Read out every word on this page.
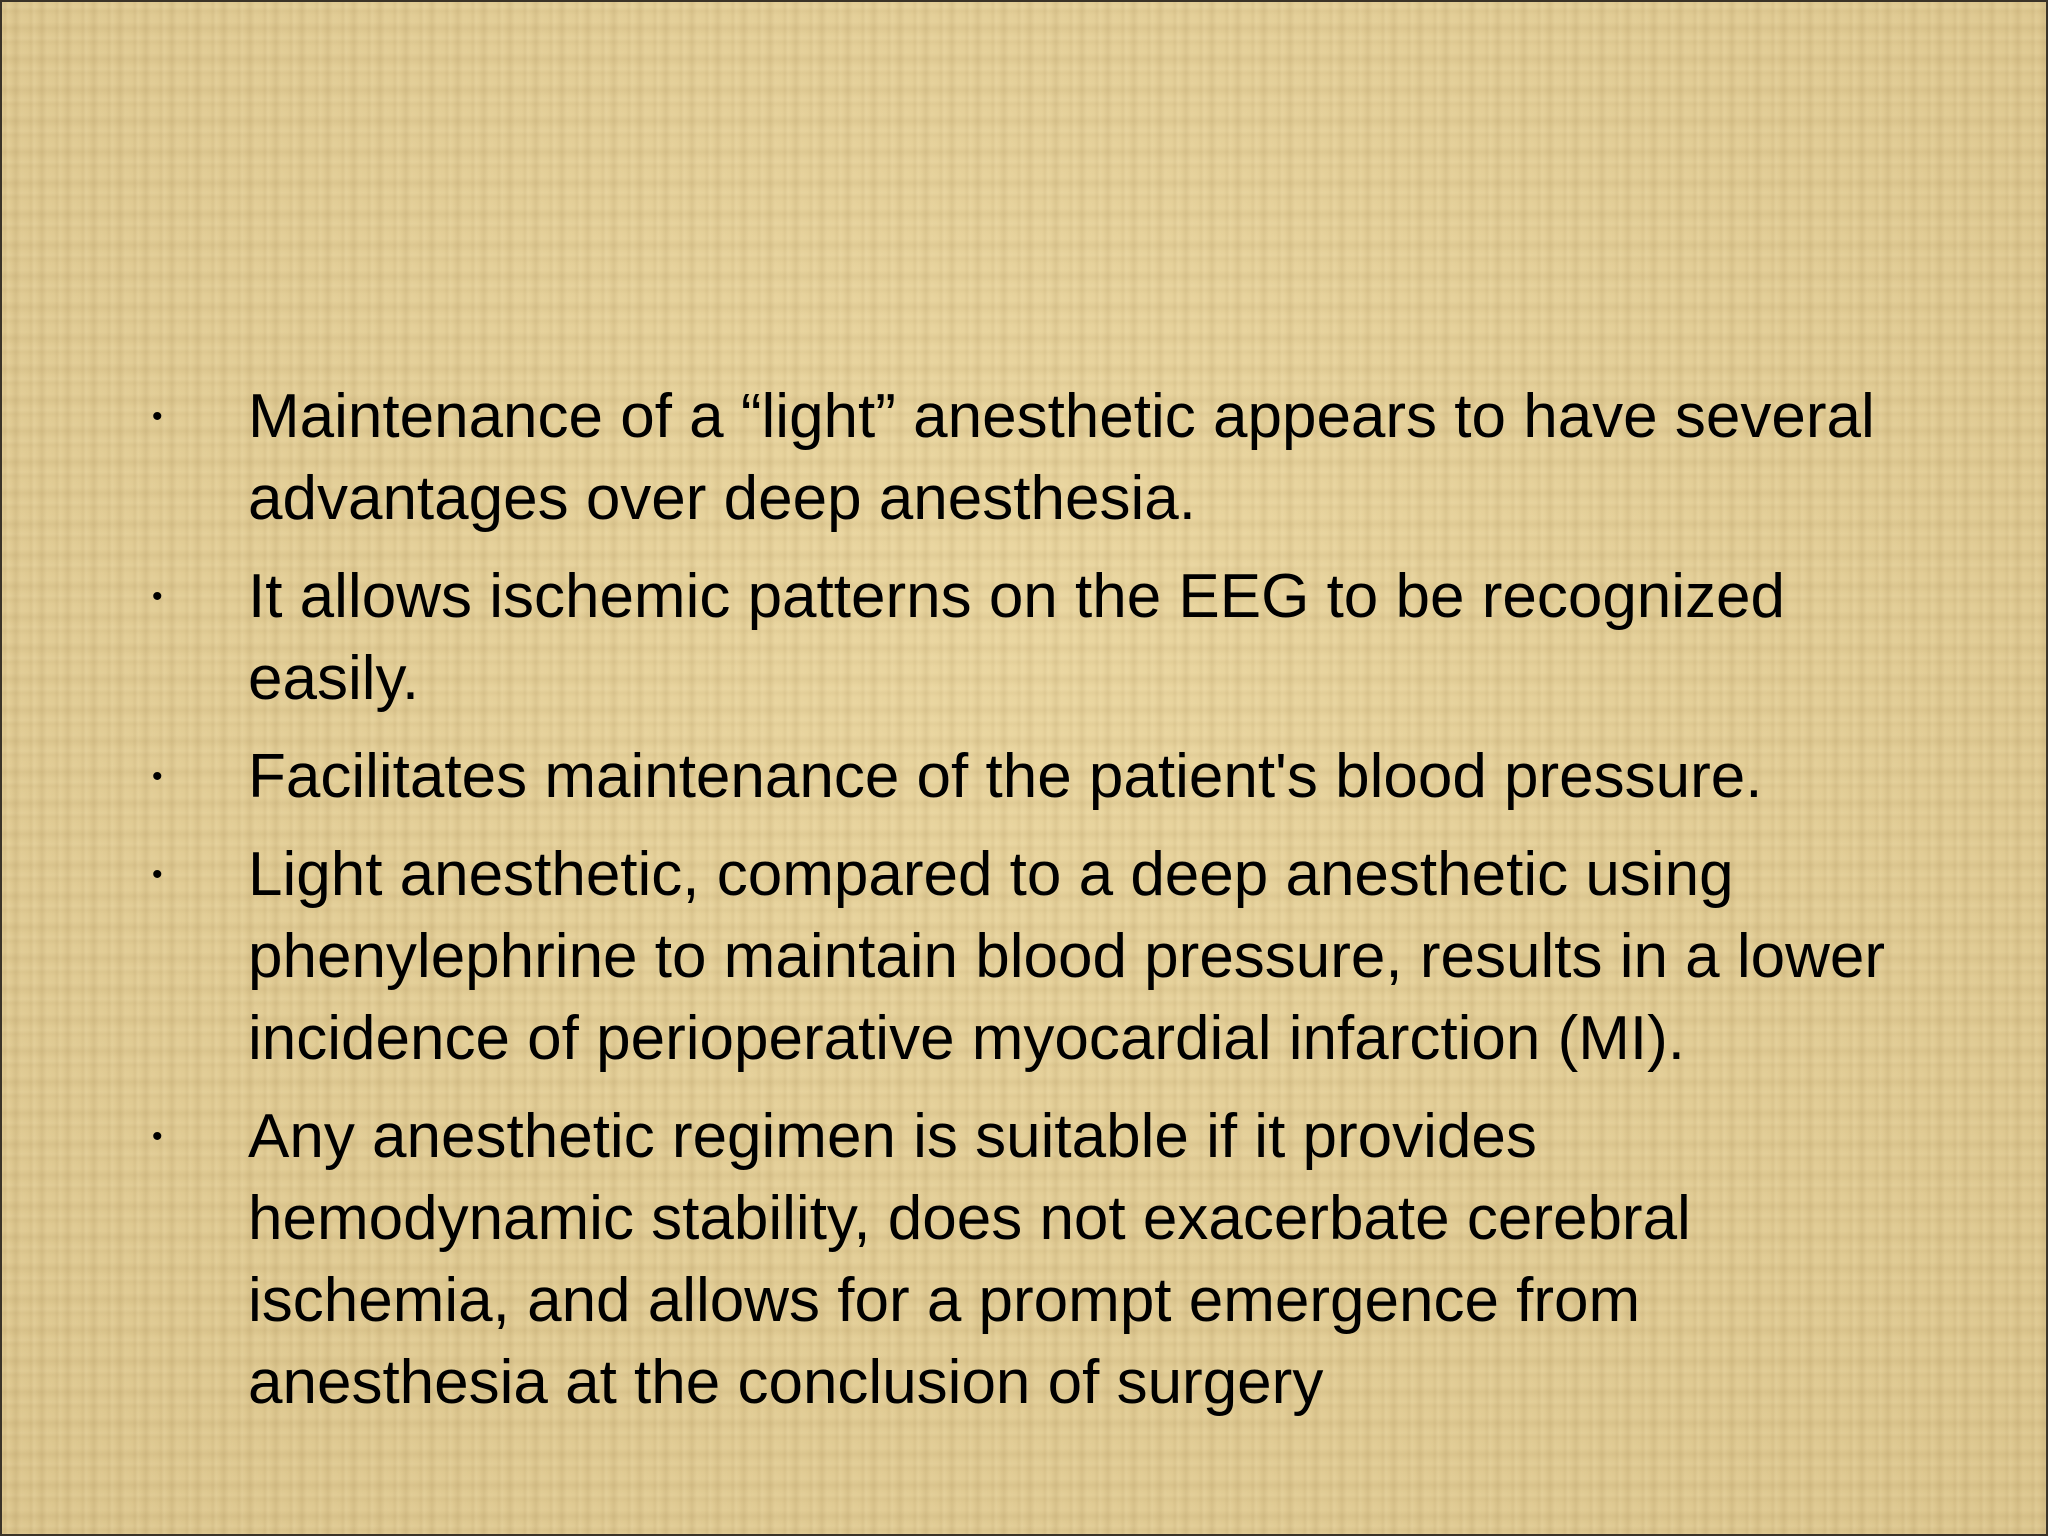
• Maintenance of a “light” anesthetic appears to have several advantages over deep anesthesia.
• It allows ischemic patterns on the EEG to be recognized easily.
• Facilitates maintenance of the patient's blood pressure.
• Light anesthetic, compared to a deep anesthetic using phenylephrine to maintain blood pressure, results in a lower incidence of perioperative myocardial infarction (MI).
• Any anesthetic regimen is suitable if it provides hemodynamic stability, does not exacerbate cerebral ischemia, and allows for a prompt emergence from anesthesia at the conclusion of surgery
